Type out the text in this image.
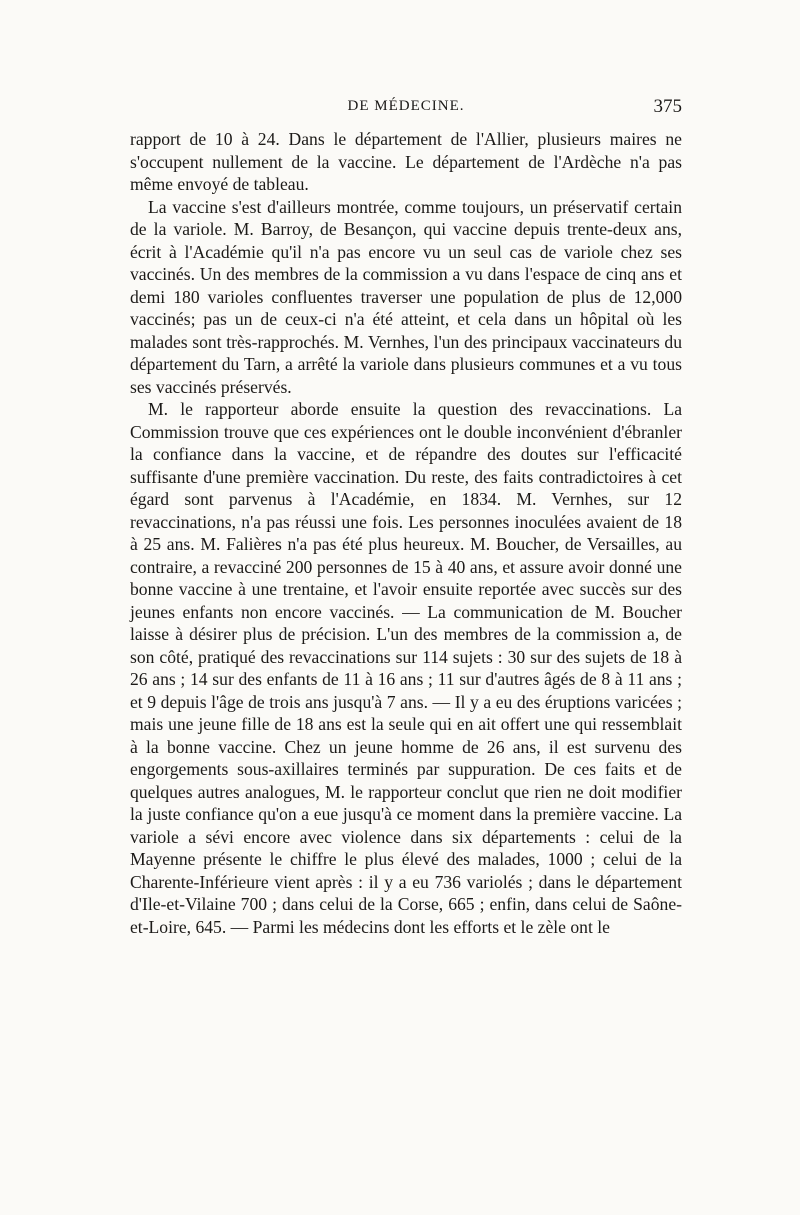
DE MÉDECINE.	375

rapport de 10 à 24. Dans le département de l'Allier, plusieurs maires ne s'occupent nullement de la vaccine. Le département de l'Ardèche n'a pas même envoyé de tableau.

La vaccine s'est d'ailleurs montrée, comme toujours, un préservatif certain de la variole. M. Barroy, de Besançon, qui vaccine depuis trente-deux ans, écrit à l'Académie qu'il n'a pas encore vu un seul cas de variole chez ses vaccinés. Un des membres de la commission a vu dans l'espace de cinq ans et demi 180 varioles confluentes traverser une population de plus de 12,000 vaccinés; pas un de ceux-ci n'a été atteint, et cela dans un hôpital où les malades sont très-rapprochés. M. Vernhes, l'un des principaux vaccinateurs du département du Tarn, a arrêté la variole dans plusieurs communes et a vu tous ses vaccinés préservés.

M. le rapporteur aborde ensuite la question des revaccinations. La Commission trouve que ces expériences ont le double inconvénient d'ébranler la confiance dans la vaccine, et de répandre des doutes sur l'efficacité suffisante d'une première vaccination. Du reste, des faits contradictoires à cet égard sont parvenus à l'Académie, en 1834. M. Vernhes, sur 12 revaccinations, n'a pas réussi une fois. Les personnes inoculées avaient de 18 à 25 ans. M. Falières n'a pas été plus heureux. M. Boucher, de Versailles, au contraire, a revacciné 200 personnes de 15 à 40 ans, et assure avoir donné une bonne vaccine à une trentaine, et l'avoir ensuite reportée avec succès sur des jeunes enfants non encore vaccinés. — La communication de M. Boucher laisse à désirer plus de précision. L'un des membres de la commission a, de son côté, pratiqué des revaccinations sur 114 sujets : 30 sur des sujets de 18 à 26 ans ; 14 sur des enfants de 11 à 16 ans ; 11 sur d'autres âgés de 8 à 11 ans ; et 9 depuis l'âge de trois ans jusqu'à 7 ans. — Il y a eu des éruptions varicées ; mais une jeune fille de 18 ans est la seule qui en ait offert une qui ressemblait à la bonne vaccine. Chez un jeune homme de 26 ans, il est survenu des engorgements sous-axillaires terminés par suppuration. De ces faits et de quelques autres analogues, M. le rapporteur conclut que rien ne doit modifier la juste confiance qu'on a eue jusqu'à ce moment dans la première vaccine. La variole a sévi encore avec violence dans six départements : celui de la Mayenne présente le chiffre le plus élevé des malades, 1000 ; celui de la Charente-Inférieure vient après : il y a eu 736 variolés ; dans le département d'Ile-et-Vilaine 700 ; dans celui de la Corse, 665 ; enfin, dans celui de Saône-et-Loire, 645. — Parmi les médecins dont les efforts et le zèle ont le
